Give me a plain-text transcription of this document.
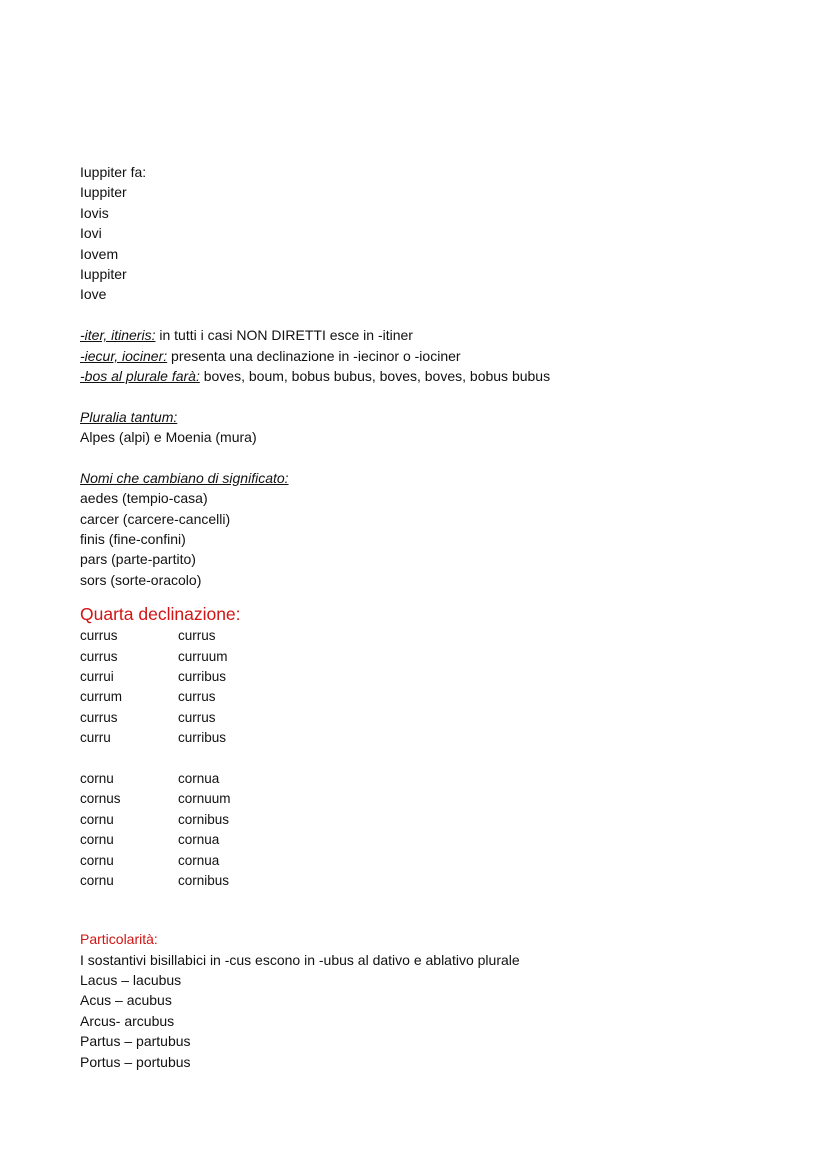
Iuppiter fa:
Iuppiter
Iovis
Iovi
Iovem
Iuppiter
Iove
-iter, itineris: in tutti i casi NON DIRETTI esce in -itiner
-iecur, iociner: presenta una declinazione in -iecinor o -iociner
-bos al plurale farà: boves, boum, bobus bubus, boves, boves, bobus bubus
Pluralia tantum:
Alpes (alpi) e Moenia (mura)
Nomi che cambiano di significato:
aedes (tempio-casa)
carcer (carcere-cancelli)
finis (fine-confini)
pars (parte-partito)
sors (sorte-oracolo)
Quarta declinazione:
currus	currus
currus	curruum
currui	curribus
currum	currus
currus	currus
curru	curribus
cornu	cornua
cornus	cornuum
cornu	cornibus
cornu	cornua
cornu	cornua
cornu	cornibus
Particolarità:
I sostantivi bisillabici in -cus escono in -ubus al dativo e ablativo plurale
Lacus – lacubus
Acus – acubus
Arcus- arcubus
Partus – partubus
Portus – portubus
